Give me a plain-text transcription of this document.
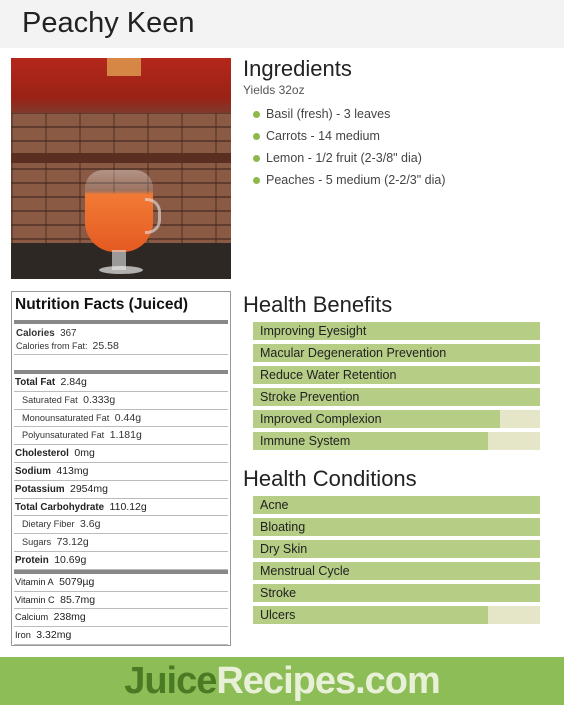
Peachy Keen
Ingredients
Yields 32oz
Basil (fresh) - 3 leaves
Carrots - 14 medium
Lemon - 1/2 fruit (2-3/8" dia)
Peaches - 5 medium (2-2/3" dia)
Nutrition Facts (Juiced)
Calories 367
Calories from Fat: 25.58
Total Fat 2.84g
Saturated Fat 0.333g
Monounsaturated Fat 0.44g
Polyunsaturated Fat 1.181g
Cholesterol 0mg
Sodium 413mg
Potassium 2954mg
Total Carbohydrate 110.12g
Dietary Fiber 3.6g
Sugars 73.12g
Protein 10.69g
Vitamin A 5079µg
Vitamin C 85.7mg
Calcium 238mg
Iron 3.32mg
Health Benefits
Improving Eyesight
Macular Degeneration Prevention
Reduce Water Retention
Stroke Prevention
Improved Complexion
Immune System
Health Conditions
Acne
Bloating
Dry Skin
Menstrual Cycle
Stroke
Ulcers
JuiceRecipes.com
